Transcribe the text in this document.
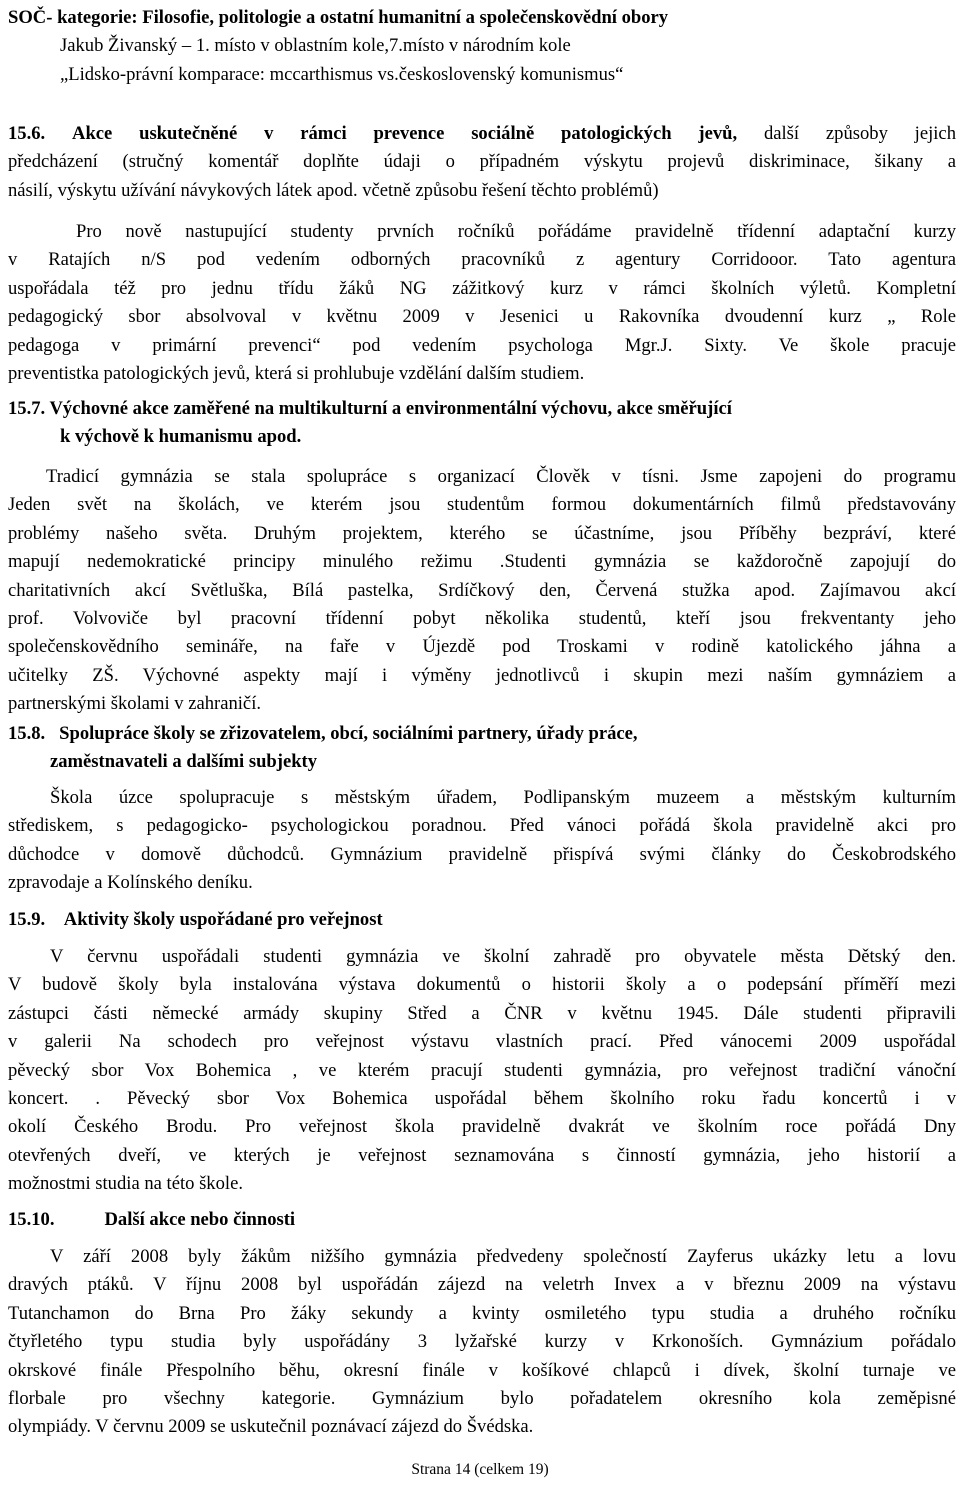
SOČ- kategorie: Filosofie, politologie a ostatní humanitní a společenskovědní obory
Jakub Živanský – 1. místo v oblastním kole,7.místo v národním kole
„Lidsko-právní komparace: mccarthismus vs.československý komunismus“
15.6. Akce uskutečněné v rámci prevence sociálně patologických jevů, další způsoby jejich
předcházení (stručný komentář doplňte údaji o případném výskytu projevů diskriminace, šikany a
násilí, výskytu užívání návykových látek apod. včetně způsobu řešení těchto problémů)
Pro nově nastupující studenty prvních ročníků pořádáme pravidelně třídenní adaptační kurzy
v Ratajích n/S pod vedením odborných pracovníků z agentury Corridooor. Tato agentura
uspořádala též pro jednu třídu žáků NG zážitkový kurz v rámci školních výletů. Kompletní
pedagogický sbor absolvoval v květnu 2009 v Jesenici u Rakovníka dvoudenní kurz „ Role
pedagoga v primární prevenci“ pod vedením psychologa Mgr.J. Sixty. Ve škole pracuje
preventistka patologických jevů, která si prohlubuje vzdělání dalším studiem.
15.7. Výchovné akce zaměřené na multikulturní a environmentální výchovu, akce směřující
k výchově k humanismu apod.
Tradicí gymnázia se stala spolupráce s organizací Člověk v tísni. Jsme zapojeni do programu
Jeden svět na školách, ve kterém jsou studentům formou dokumentárních filmů představovány
problémy našeho světa. Druhým projektem, kterého se účastníme, jsou Příběhy bezpráví, které
mapují nedemokratické principy minulého režimu .Studenti gymnázia se každoročně zapojují do
charitativních akcí Světluška, Bílá pastelka, Srdíčkový den, Červená stužka apod. Zajímavou akcí
prof. Volvoviče byl pracovní třídenní pobyt několika studentů, kteří jsou frekventanty jeho
společenskovědního semináře, na faře v Újezdě pod Troskami v rodině katolického jáhna a
učitelky ZŠ. Výchovné aspekty mají i výměny jednotlivců i skupin mezi naším gymnáziem a
partnerskými školami v zahraničí.
15.8. Spolupráce školy se zřizovatelem, obcí, sociálními partnery, úřady práce,
zaměstnavateli a dalšími subjekty
Škola úzce spolupracuje s městským úřadem, Podlipanským muzeem a městským kulturním
střediskem, s pedagogicko- psychologickou poradnou. Před vánoci pořádá škola pravidelně akci pro
důchodce v domově důchodců. Gymnázium pravidelně přispívá svými články do Českobrodského
zpravodaje a Kolínského deníku.
15.9. Aktivity školy uspořádané pro veřejnost
V červnu uspořádali studenti gymnázia ve školní zahradě pro obyvatele města Dětský den.
V budově školy byla instalována výstava dokumentů o historii školy a o podepsání příměří mezi
zástupci části německé armády skupiny Střed a ČNR v květnu 1945. Dále studenti připravili
v galerii Na schodech pro veřejnost výstavu vlastních prací. Před vánocemi 2009 uspořádal
pěvecký sbor Vox Bohemica , ve kterém pracují studenti gymnázia, pro veřejnost tradiční vánoční
koncert. . Pěvecký sbor Vox Bohemica uspořádal během školního roku řadu koncertů i v
okolí Českého Brodu. Pro veřejnost škola pravidelně dvakrát ve školním roce pořádá Dny
otevřených dveří, ve kterých je veřejnost seznamována s činností gymnázia, jeho historií a
možnostmi studia na této škole.
15.10.	Další akce nebo činnosti
V září 2008 byly žákům nižšího gymnázia předvedeny společností Zayferus ukázky letu a lovu
dravých ptáků. V říjnu 2008 byl uspořádán zájezd na veletrh Invex a v březnu 2009 na výstavu
Tutanchamon do Brna Pro žáky sekundy a kvinty osmiletého typu studia a druhého ročníku
čtyřletého typu studia byly uspořádány 3 lyžařské kurzy v Krkonoších. Gymnázium pořádalo
okrskové finále Přespolního běhu, okresní finále v košíkové chlapců i dívek, školní turnaje ve
florbale pro všechny kategorie. Gymnázium bylo pořadatelem okresního kola zeměpisné
olympiády. V červnu 2009 se uskutečnil poznávací zájezd do Švédska.
Strana 14 (celkem 19)
